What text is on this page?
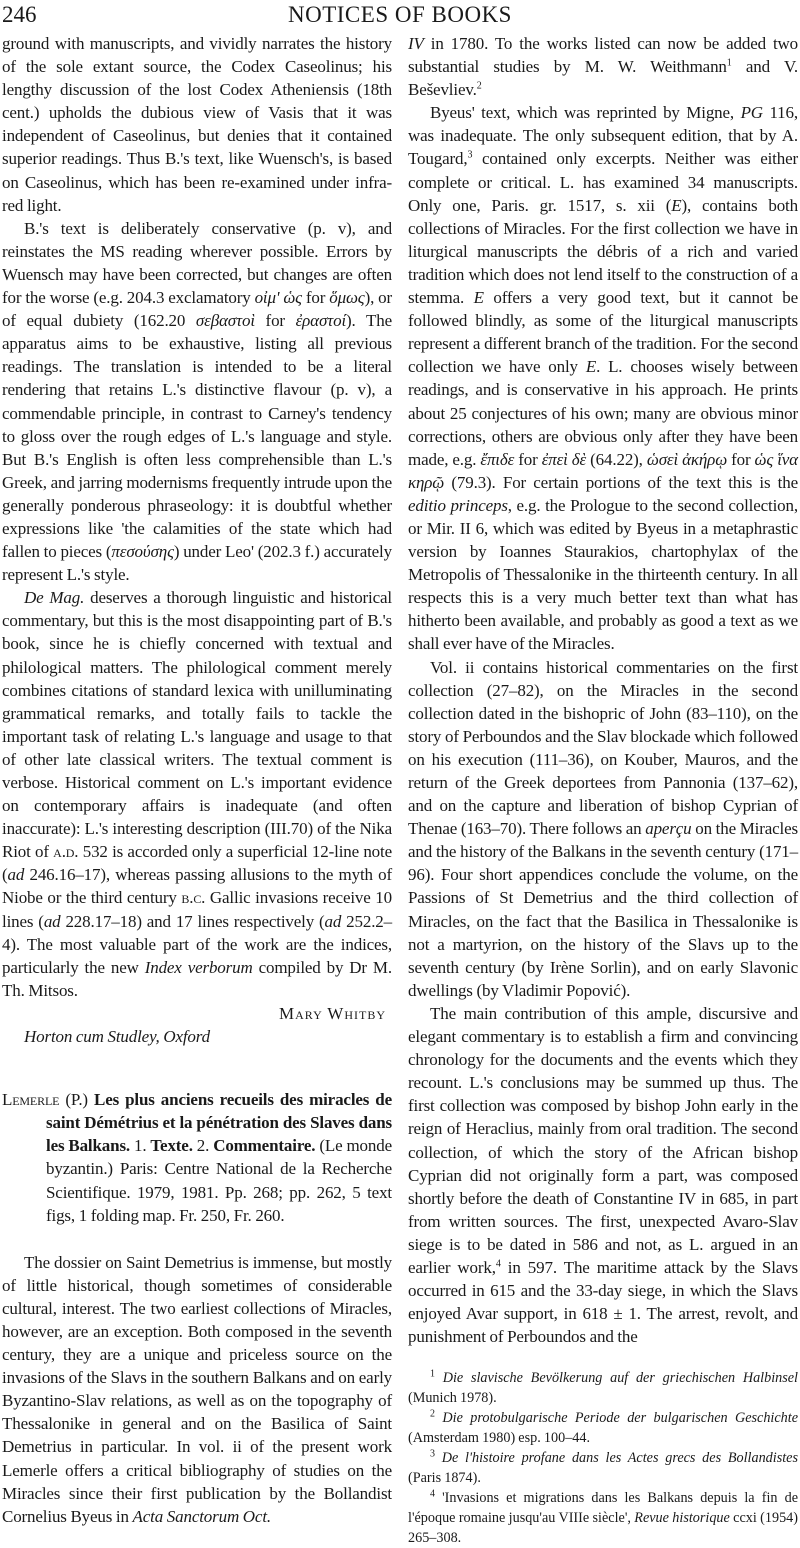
NOTICES OF BOOKS
246

ground with manuscripts, and vividly narrates the history of the sole extant source, the Codex Caseolinus; his lengthy discussion of the lost Codex Atheniensis (18th cent.) upholds the dubious view of Vasis that it was independent of Caseolinus, but denies that it contained superior readings. Thus B.'s text, like Wuensch's, is based on Caseolinus, which has been re-examined under infra-red light.

B.'s text is deliberately conservative (p. v), and reinstates the MS reading wherever possible. Errors by Wuensch may have been corrected, but changes are often for the worse (e.g. 204.3 exclamatory οἰμ' ὡς for ὅμως), or of equal dubiety (162.20 σεβαστοὶ for ἐραστοί). The apparatus aims to be exhaustive, listing all previous readings. The translation is intended to be a literal rendering that retains L.'s distinctive flavour (p. v), a commendable principle, in contrast to Carney's tendency to gloss over the rough edges of L.'s language and style. But B.'s English is often less comprehensible than L.'s Greek, and jarring modernisms frequently intrude upon the generally ponderous phraseology: it is doubtful whether expressions like 'the calamities of the state which had fallen to pieces (πεσούσης) under Leo' (202.3 f.) accurately represent L.'s style.

De Mag. deserves a thorough linguistic and historical commentary, but this is the most disappointing part of B.'s book, since he is chiefly concerned with textual and philological matters. The philological comment merely combines citations of standard lexica with unilluminating grammatical remarks, and totally fails to tackle the important task of relating L.'s language and usage to that of other late classical writers. The textual comment is verbose. Historical comment on L.'s important evidence on contemporary affairs is inadequate (and often inaccurate): L.'s interesting description (III.70) of the Nika Riot of a.d. 532 is accorded only a superficial 12-line note (ad 246.16–17), whereas passing allusions to the myth of Niobe or the third century b.c. Gallic invasions receive 10 lines (ad 228.17–18) and 17 lines respectively (ad 252.2–4). The most valuable part of the work are the indices, particularly the new Index verborum compiled by Dr M. Th. Mitsos.

Mary Whitby

Horton cum Studley, Oxford

Lemerle (P.) Les plus anciens recueils des miracles de saint Démétrius et la pénétration des Slaves dans les Balkans. 1. Texte. 2. Commentaire. (Le monde byzantin.) Paris: Centre National de la Recherche Scientifique. 1979, 1981. Pp. 268; pp. 262, 5 text figs, 1 folding map. Fr. 250, Fr. 260.

The dossier on Saint Demetrius is immense, but mostly of little historical, though sometimes of considerable cultural, interest. The two earliest collections of Miracles, however, are an exception. Both composed in the seventh century, they are a unique and priceless source on the invasions of the Slavs in the southern Balkans and on early Byzantino-Slav relations, as well as on the topography of Thessalonike in general and on the Basilica of Saint Demetrius in particular. In vol. ii of the present work Lemerle offers a critical bibliography of studies on the Miracles since their first publication by the Bollandist Cornelius Byeus in Acta Sanctorum Oct.

IV in 1780. To the works listed can now be added two substantial studies by M. W. Weithmann$^1$ and V. Beševliev.$^2$

Byeus' text, which was reprinted by Migne, PG 116, was inadequate. The only subsequent edition, that by A. Tougard,$^3$ contained only excerpts. Neither was either complete or critical. L. has examined 34 manuscripts. Only one, Paris. gr. 1517, s. xii (E), contains both collections of Miracles. For the first collection we have in liturgical manuscripts the débris of a rich and varied tradition which does not lend itself to the construction of a stemma. E offers a very good text, but it cannot be followed blindly, as some of the liturgical manuscripts represent a different branch of the tradition. For the second collection we have only E. L. chooses wisely between readings, and is conservative in his approach. He prints about 25 conjectures of his own; many are obvious minor corrections, others are obvious only after they have been made, e.g. ἔπιδε for ἐπεὶ δὲ (64.22), ὡσεὶ ἀκήρῳ for ὡς ἵνα κηρῷ (79.3). For certain portions of the text this is the editio princeps, e.g. the Prologue to the second collection, or Mir. II 6, which was edited by Byeus in a metaphrastic version by Ioannes Staurakios, chartophylax of the Metropolis of Thessalonike in the thirteenth century. In all respects this is a very much better text than what has hitherto been available, and probably as good a text as we shall ever have of the Miracles.

Vol. ii contains historical commentaries on the first collection (27–82), on the Miracles in the second collection dated in the bishopric of John (83–110), on the story of Perboundos and the Slav blockade which followed on his execution (111–36), on Kouber, Mauros, and the return of the Greek deportees from Pannonia (137–62), and on the capture and liberation of bishop Cyprian of Thenae (163–70). There follows an aperçu on the Miracles and the history of the Balkans in the seventh century (171–96). Four short appendices conclude the volume, on the Passions of St Demetrius and the third collection of Miracles, on the fact that the Basilica in Thessalonike is not a martyrion, on the history of the Slavs up to the seventh century (by Irène Sorlin), and on early Slavonic dwellings (by Vladimir Popović).

The main contribution of this ample, discursive and elegant commentary is to establish a firm and convincing chronology for the documents and the events which they recount. L.'s conclusions may be summed up thus. The first collection was composed by bishop John early in the reign of Heraclius, mainly from oral tradition. The second collection, of which the story of the African bishop Cyprian did not originally form a part, was composed shortly before the death of Constantine IV in 685, in part from written sources. The first, unexpected Avaro-Slav siege is to be dated in 586 and not, as L. argued in an earlier work,$^4$ in 597. The maritime attack by the Slavs occurred in 615 and the 33-day siege, in which the Slavs enjoyed Avar support, in 618 ± 1. The arrest, revolt, and punishment of Perboundos and the

$^1$ Die slavische Bevölkerung auf der griechischen Halbinsel (Munich 1978).

$^2$ Die protobulgarische Periode der bulgarischen Geschichte (Amsterdam 1980) esp. 100–44.

$^3$ De l'histoire profane dans les Actes grecs des Bollandistes (Paris 1874).

$^4$ 'Invasions et migrations dans les Balkans depuis la fin de l'époque romaine jusqu'au VIIIe siècle', Revue historique ccxi (1954) 265–308.
